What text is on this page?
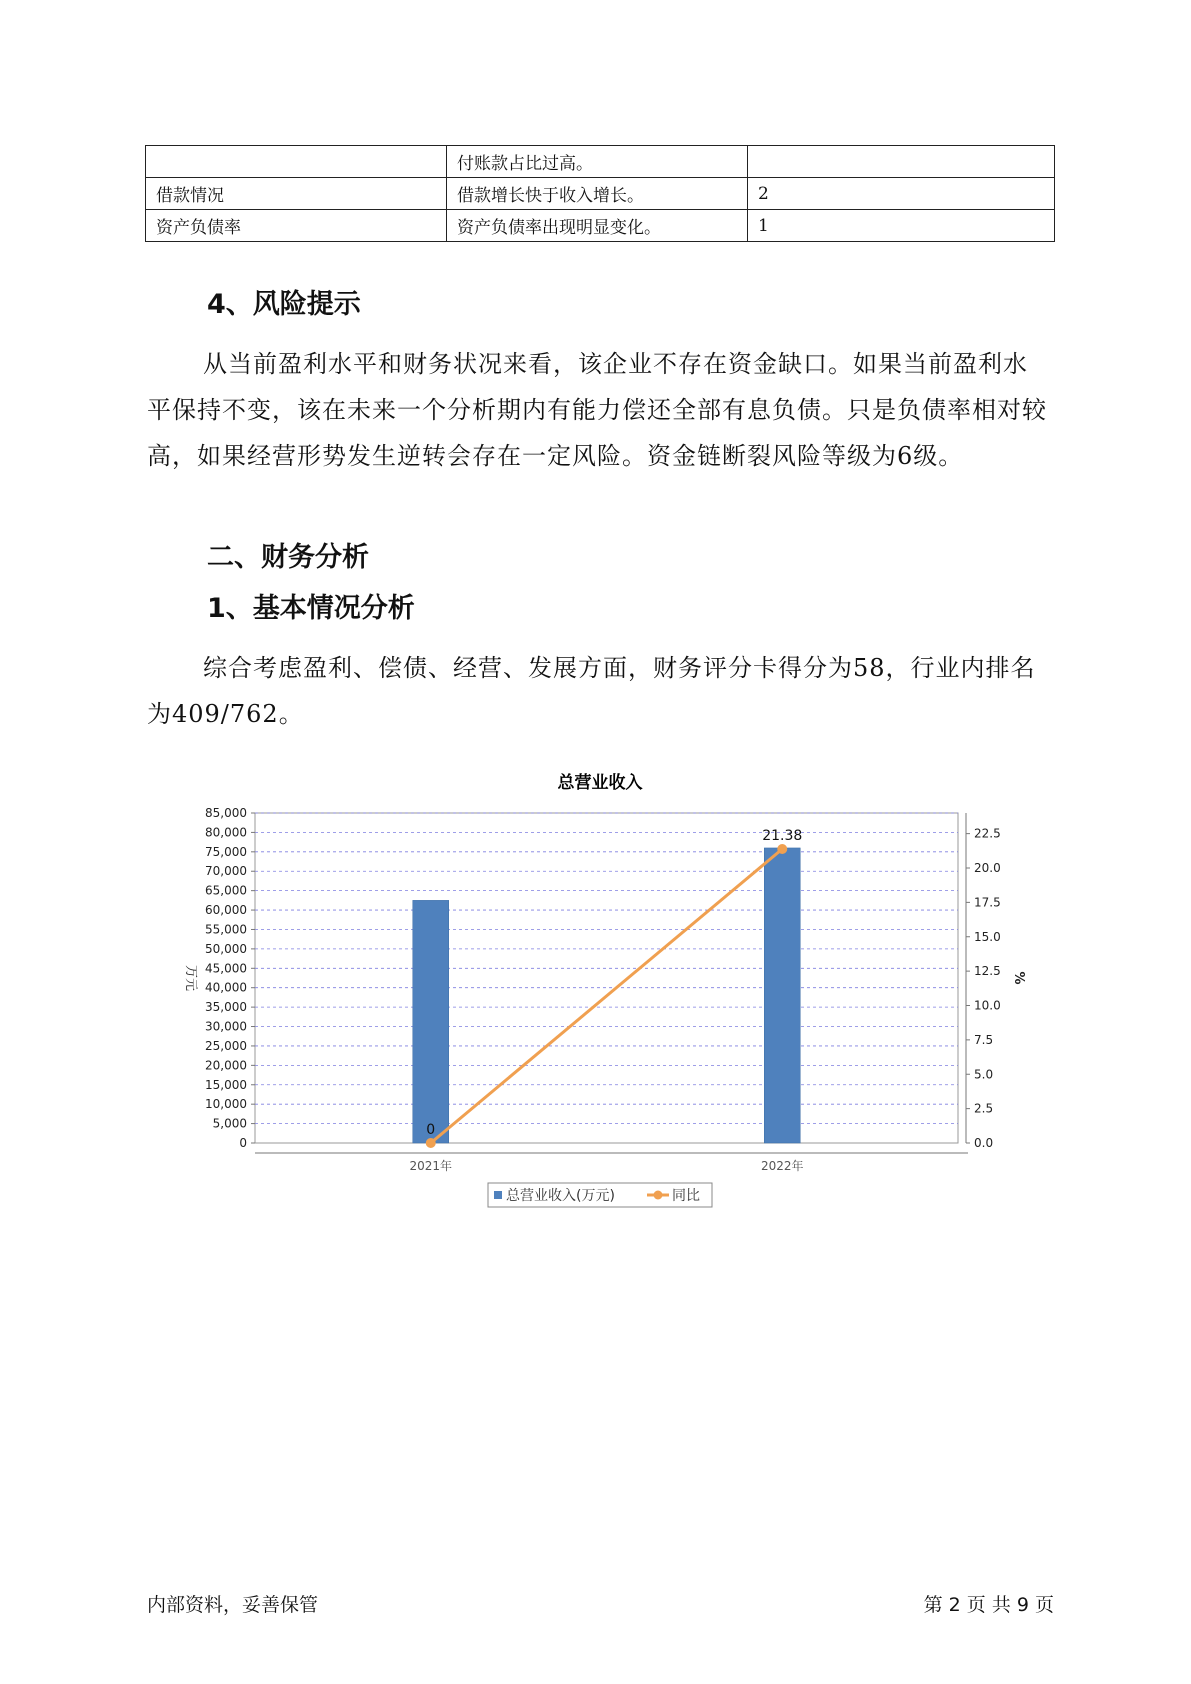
	付账款占比过高。	
借款情况	借款增长快于收入增长。	2
资产负债率	资产负债率出现明显变化。	1
4、风险提示

从当前盈利水平和财务状况来看，该企业不存在资金缺口。如果当前盈利水平保持不变，该在未来一个分析期内有能力偿还全部有息负债。只是负债率相对较高，如果经营形势发生逆转会存在一定风险。资金链断裂风险等级为6级。

二、财务分析
1、基本情况分析

综合考虑盈利、偿债、经营、发展方面，财务评分卡得分为58，行业内排名为409/762。

总营业收入
0
5,000
10,000
15,000
20,000
25,000
30,000
35,000
40,000
45,000
50,000
55,000
60,000
65,000
70,000
75,000
80,000
85,000
0.0
2.5
5.0
7.5
10.0
12.5
15.0
17.5
20.0
22.5
万元	%
2021年	2022年
0
21.38
总营业收入(万元)	同比
内部资料，妥善保管	第 2 页 共 9 页
